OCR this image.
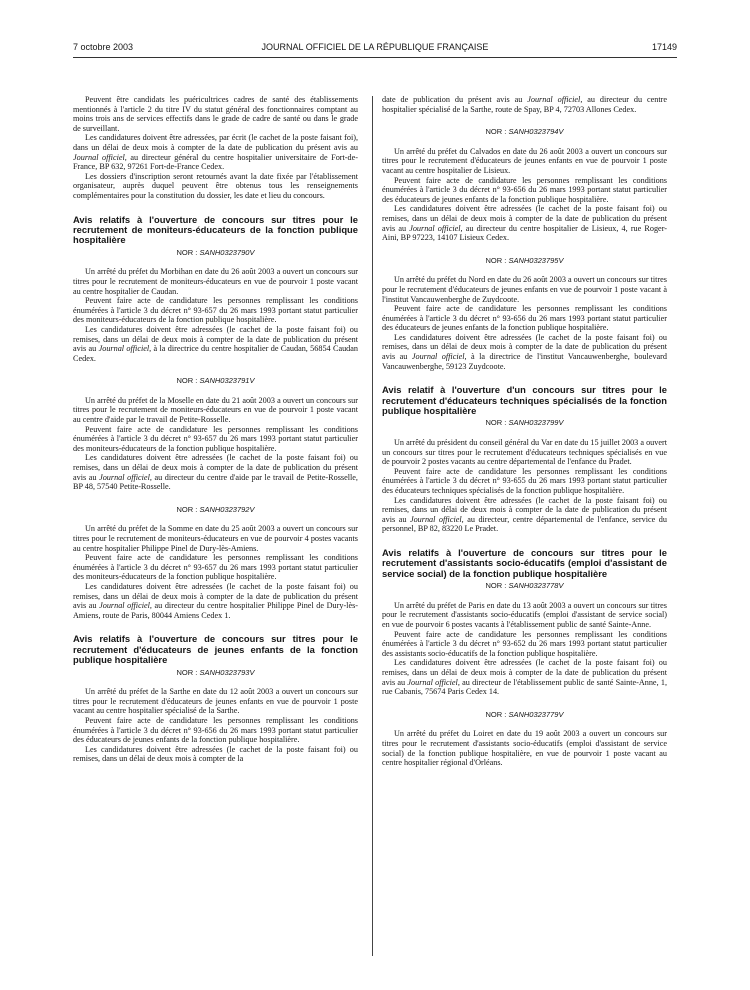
7 octobre 2003	JOURNAL OFFICIEL DE LA RÉPUBLIQUE FRANÇAISE	17149

Peuvent être candidats les puéricultrices cadres de santé des établissements mentionnés à l'article 2 du titre IV du statut général des fonctionnaires comptant au moins trois ans de services effectifs dans le grade de cadre de santé ou dans le grade de surveillant.

Les candidatures doivent être adressées, par écrit (le cachet de la poste faisant foi), dans un délai de deux mois à compter de la date de publication du présent avis au Journal officiel, au directeur général du centre hospitalier universitaire de Fort-de-France, BP 632, 97261 Fort-de-France Cedex.

Les dossiers d'inscription seront retournés avant la date fixée par l'établissement organisateur, auprès duquel peuvent être obtenus tous les renseignements complémentaires pour la constitution du dossier, les date et lieu du concours.

Avis relatifs à l'ouverture de concours sur titres pour le recrutement de moniteurs-éducateurs de la fonction publique hospitalière
NOR : SANH0323790V

Un arrêté du préfet du Morbihan en date du 26 août 2003 a ouvert un concours sur titres pour le recrutement de moniteurs-éducateurs en vue de pourvoir 1 poste vacant au centre hospitalier de Caudan.

Peuvent faire acte de candidature les personnes remplissant les conditions énumérées à l'article 3 du décret n° 93-657 du 26 mars 1993 portant statut particulier des moniteurs-éducateurs de la fonction publique hospitalière.

Les candidatures doivent être adressées (le cachet de la poste faisant foi) ou remises, dans un délai de deux mois à compter de la date de publication du présent avis au Journal officiel, à la directrice du centre hospitalier de Caudan, 56854 Caudan Cedex.

NOR : SANH0323791V

Un arrêté du préfet de la Moselle en date du 21 août 2003 a ouvert un concours sur titres pour le recrutement de moniteurs-éducateurs en vue de pourvoir 1 poste vacant au centre d'aide par le travail de Petite-Rosselle.

Peuvent faire acte de candidature les personnes remplissant les conditions énumérées à l'article 3 du décret n° 93-657 du 26 mars 1993 portant statut particulier des moniteurs-éducateurs de la fonction publique hospitalière.

Les candidatures doivent être adressées (le cachet de la poste faisant foi) ou remises, dans un délai de deux mois à compter de la date de publication du présent avis au Journal officiel, au directeur du centre d'aide par le travail de Petite-Rosselle, BP 48, 57540 Petite-Rosselle.

NOR : SANH0323792V

Un arrêté du préfet de la Somme en date du 25 août 2003 a ouvert un concours sur titres pour le recrutement de moniteurs-éducateurs en vue de pourvoir 4 postes vacants au centre hospitalier Philippe Pinel de Dury-lès-Amiens.

Peuvent faire acte de candidature les personnes remplissant les conditions énumérées à l'article 3 du décret n° 93-657 du 26 mars 1993 portant statut particulier des moniteurs-éducateurs de la fonction publique hospitalière.

Les candidatures doivent être adressées (le cachet de la poste faisant foi) ou remises, dans un délai de deux mois à compter de la date de publication du présent avis au Journal officiel, au directeur du centre hospitalier Philippe Pinel de Dury-lès-Amiens, route de Paris, 80044 Amiens Cedex 1.

Avis relatifs à l'ouverture de concours sur titres pour le recrutement d'éducateurs de jeunes enfants de la fonction publique hospitalière
NOR : SANH0323793V

Un arrêté du préfet de la Sarthe en date du 12 août 2003 a ouvert un concours sur titres pour le recrutement d'éducateurs de jeunes enfants en vue de pourvoir 1 poste vacant au centre hospitalier spécialisé de la Sarthe.

Peuvent faire acte de candidature les personnes remplissant les conditions énumérées à l'article 3 du décret n° 93-656 du 26 mars 1993 portant statut particulier des éducateurs de jeunes enfants de la fonction publique hospitalière.

Les candidatures doivent être adressées (le cachet de la poste faisant foi) ou remises, dans un délai de deux mois à compter de la

date de publication du présent avis au Journal officiel, au directeur du centre hospitalier spécialisé de la Sarthe, route de Spay, BP 4, 72703 Allones Cedex.

NOR : SANH0323794V

Un arrêté du préfet du Calvados en date du 26 août 2003 a ouvert un concours sur titres pour le recrutement d'éducateurs de jeunes enfants en vue de pourvoir 1 poste vacant au centre hospitalier de Lisieux.

Peuvent faire acte de candidature les personnes remplissant les conditions énumérées à l'article 3 du décret n° 93-656 du 26 mars 1993 portant statut particulier des éducateurs de jeunes enfants de la fonction publique hospitalière.

Les candidatures doivent être adressées (le cachet de la poste faisant foi) ou remises, dans un délai de deux mois à compter de la date de publication du présent avis au Journal officiel, au directeur du centre hospitalier de Lisieux, 4, rue Roger-Aini, BP 97223, 14107 Lisieux Cedex.

NOR : SANH0323795V

Un arrêté du préfet du Nord en date du 26 août 2003 a ouvert un concours sur titres pour le recrutement d'éducateurs de jeunes enfants en vue de pourvoir 1 poste vacant à l'institut Vancauwenberghe de Zuydcoote.

Peuvent faire acte de candidature les personnes remplissant les conditions énumérées à l'article 3 du décret n° 93-656 du 26 mars 1993 portant statut particulier des éducateurs de jeunes enfants de la fonction publique hospitalière.

Les candidatures doivent être adressées (le cachet de la poste faisant foi) ou remises, dans un délai de deux mois à compter de la date de publication du présent avis au Journal officiel, à la directrice de l'institut Vancauwenberghe, boulevard Vancauwenberghe, 59123 Zuydcoote.

Avis relatif à l'ouverture d'un concours sur titres pour le recrutement d'éducateurs techniques spécialisés de la fonction publique hospitalière
NOR : SANH0323799V

Un arrêté du président du conseil général du Var en date du 15 juillet 2003 a ouvert un concours sur titres pour le recrutement d'éducateurs techniques spécialisés en vue de pourvoir 2 postes vacants au centre départemental de l'enfance du Pradet.

Peuvent faire acte de candidature les personnes remplissant les conditions énumérées à l'article 3 du décret n° 93-655 du 26 mars 1993 portant statut particulier des éducateurs techniques spécialisés de la fonction publique hospitalière.

Les candidatures doivent être adressées (le cachet de la poste faisant foi) ou remises, dans un délai de deux mois à compter de la date de publication du présent avis au Journal officiel, au directeur, centre départemental de l'enfance, service du personnel, BP 82, 83220 Le Pradet.

Avis relatifs à l'ouverture de concours sur titres pour le recrutement d'assistants socio-éducatifs (emploi d'assistant de service social) de la fonction publique hospitalière
NOR : SANH0323778V

Un arrêté du préfet de Paris en date du 13 août 2003 a ouvert un concours sur titres pour le recrutement d'assistants socio-éducatifs (emploi d'assistant de service social) en vue de pourvoir 6 postes vacants à l'établissement public de santé Sainte-Anne.

Peuvent faire acte de candidature les personnes remplissant les conditions énumérées à l'article 3 du décret n° 93-652 du 26 mars 1993 portant statut particulier des assistants socio-éducatifs de la fonction publique hospitalière.

Les candidatures doivent être adressées (le cachet de la poste faisant foi) ou remises, dans un délai de deux mois à compter de la date de publication du présent avis au Journal officiel, au directeur de l'établissement public de santé Sainte-Anne, 1, rue Cabanis, 75674 Paris Cedex 14.

NOR : SANH0323779V

Un arrêté du préfet du Loiret en date du 19 août 2003 a ouvert un concours sur titres pour le recrutement d'assistants socio-éducatifs (emploi d'assistant de service social) de la fonction publique hospitalière, en vue de pourvoir 1 poste vacant au centre hospitalier régional d'Orléans.
